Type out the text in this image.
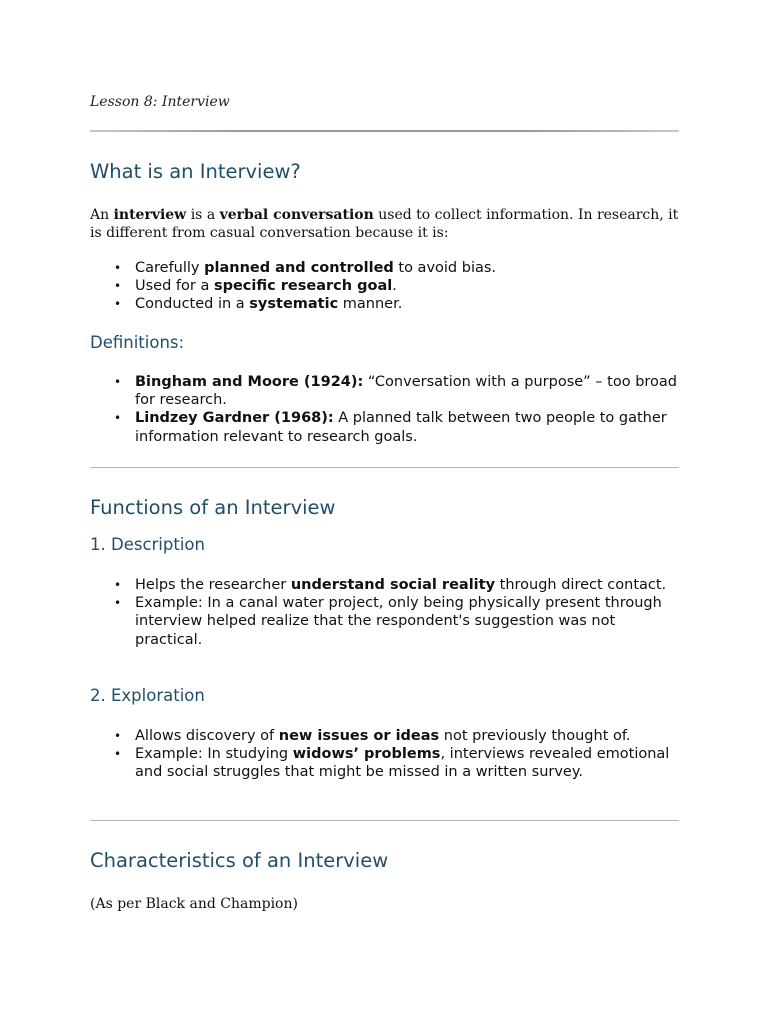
Lesson 8: Interview
What is an Interview?

An interview is a verbal conversation used to collect information. In research, it is different from casual conversation because it is:

• Carefully planned and controlled to avoid bias.
• Used for a specific research goal.
• Conducted in a systematic manner.
Definitions:
• Bingham and Moore (1924): “Conversation with a purpose” – too broad for research.
• Lindzey Gardner (1968): A planned talk between two people to gather information relevant to research goals.
Functions of an Interview
1. Description
• Helps the researcher understand social reality through direct contact.
• Example: In a canal water project, only being physically present through interview helped realize that the respondent's suggestion was not practical.
2. Exploration
• Allows discovery of new issues or ideas not previously thought of.
• Example: In studying widows’ problems, interviews revealed emotional and social struggles that might be missed in a written survey.
Characteristics of an Interview

(As per Black and Champion)
